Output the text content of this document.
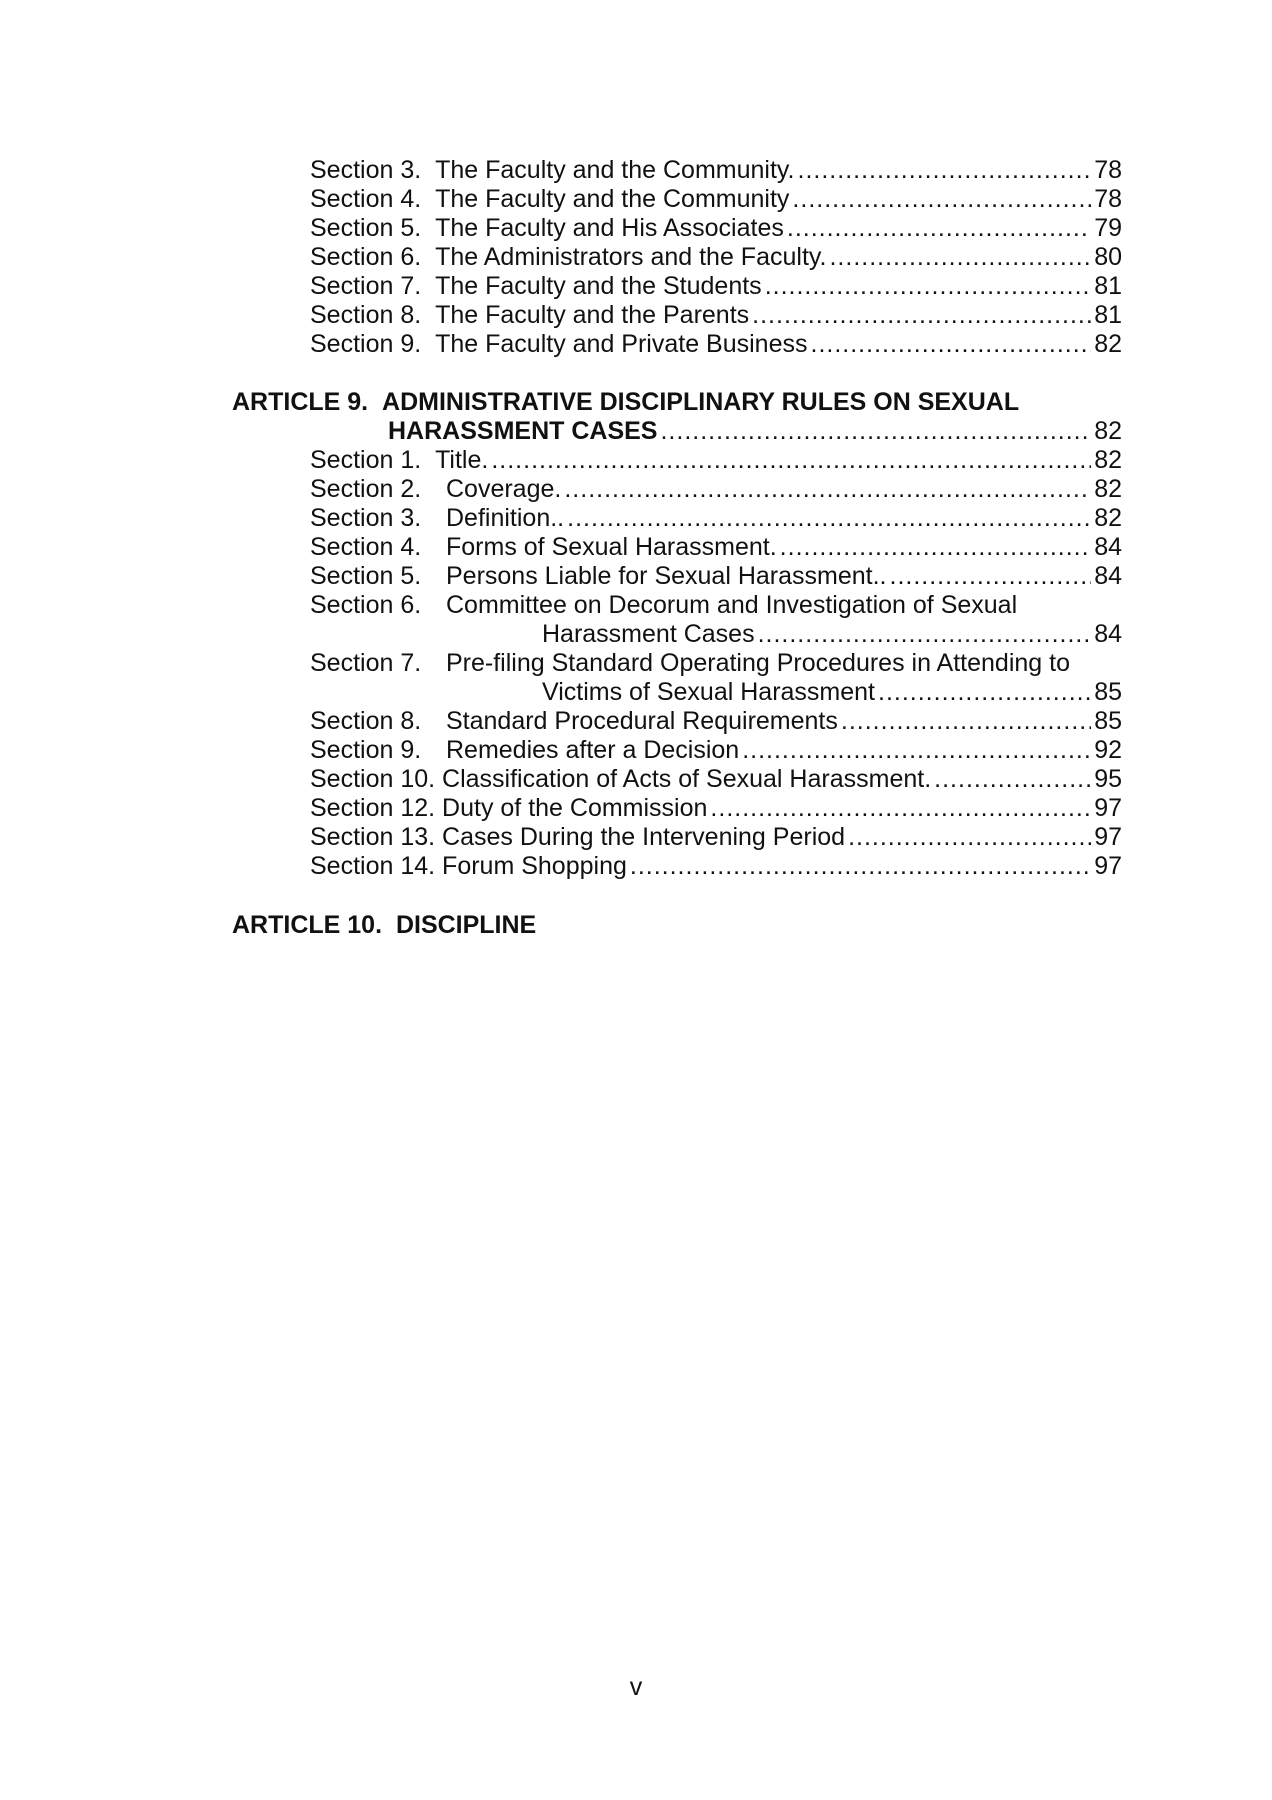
Section 3. The Faculty and the Community. .....	78
Section 4. The Faculty and the Community .....	78
Section 5. The Faculty and His Associates .....	79
Section 6. The Administrators and the Faculty. .....	80
Section 7. The Faculty and the Students .....	81
Section 8. The Faculty and the Parents .....	81
Section 9. The Faculty and Private Business .....	82
ARTICLE 9. ADMINISTRATIVE DISCIPLINARY RULES ON SEXUAL
HARASSMENT CASES .....	82
Section 1. Title. .....	82
Section 2. Coverage. .....	82
Section 3. Definition.. .....	82
Section 4. Forms of Sexual Harassment. .....	84
Section 5. Persons Liable for Sexual Harassment.. .....	84
Section 6. Committee on Decorum and Investigation of Sexual
Harassment Cases .....	84
Section 7. Pre-filing Standard Operating Procedures in Attending to
Victims of Sexual Harassment .....	85
Section 8. Standard Procedural Requirements .....	85
Section 9. Remedies after a Decision .....	92
Section 10. Classification of Acts of Sexual Harassment. .....	95
Section 12. Duty of the Commission .....	97
Section 13. Cases During the Intervening Period .....	97
Section 14. Forum Shopping .....	97
ARTICLE 10. DISCIPLINE
v
